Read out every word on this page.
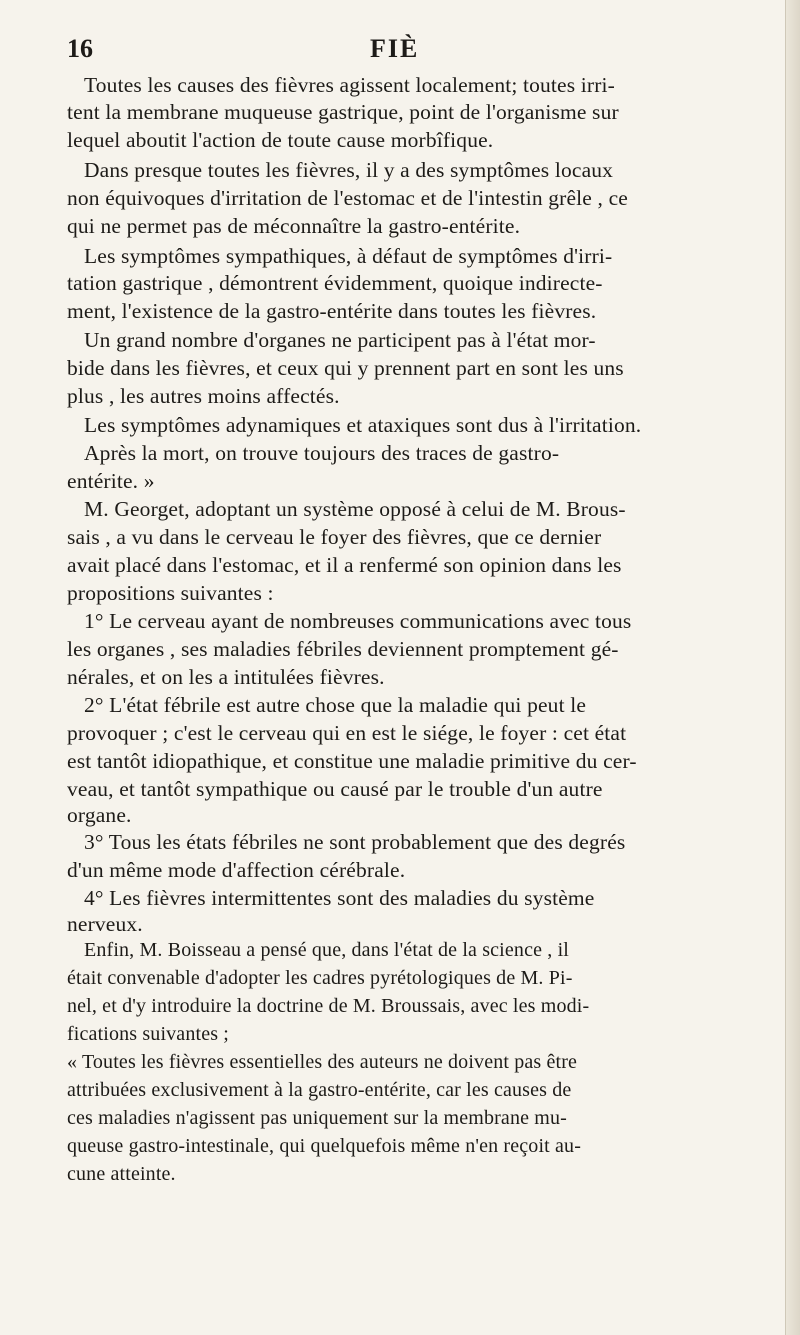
16	FIÈ
Toutes les causes des fièvres agissent localement; toutes irri-
tent la membrane muqueuse gastrique, point de l'organisme sur
lequel aboutit l'action de toute cause morbîfique.
Dans presque toutes les fièvres, il y a des symptômes locaux
non équivoques d'irritation de l'estomac et de l'intestin grêle , ce
qui ne permet pas de méconnaître la gastro-entérite.
Les symptômes sympathiques, à défaut de symptômes d'irri-
tation gastrique , démontrent évidemment, quoique indirecte-
ment, l'existence de la gastro-entérite dans toutes les fièvres.
Un grand nombre d'organes ne participent pas à l'état mor-
bide dans les fièvres, et ceux qui y prennent part en sont les uns
plus , les autres moins affectés.
Les symptômes adynamiques et ataxiques sont dus à l'irritation.
Après la mort, on trouve toujours des traces de gastro-
entérite. »
M. Georget, adoptant un système opposé à celui de M. Brous-
sais , a vu dans le cerveau le foyer des fièvres, que ce dernier
avait placé dans l'estomac, et il a renfermé son opinion dans les
propositions suivantes :
1° Le cerveau ayant de nombreuses communications avec tous
les organes , ses maladies fébriles deviennent promptement gé-
nérales, et on les a intitulées fièvres.
2° L'état fébrile est autre chose que la maladie qui peut le
provoquer ; c'est le cerveau qui en est le siége, le foyer : cet état
est tantôt idiopathique, et constitue une maladie primitive du cer-
veau, et tantôt sympathique ou causé par le trouble d'un autre
organe.
3° Tous les états fébriles ne sont probablement que des degrés
d'un même mode d'affection cérébrale.
4° Les fièvres intermittentes sont des maladies du système
nerveux.
Enfin, M. Boisseau a pensé que, dans l'état de la science , il
était convenable d'adopter les cadres pyrétologiques de M. Pi-
nel, et d'y introduire la doctrine de M. Broussais, avec les modi-
fications suivantes ;
« Toutes les fièvres essentielles des auteurs ne doivent pas être
attribuées exclusivement à la gastro-entérite, car les causes de
ces maladies n'agissent pas uniquement sur la membrane mu-
queuse gastro-intestinale, qui quelquefois même n'en reçoit au-
cune atteinte.
